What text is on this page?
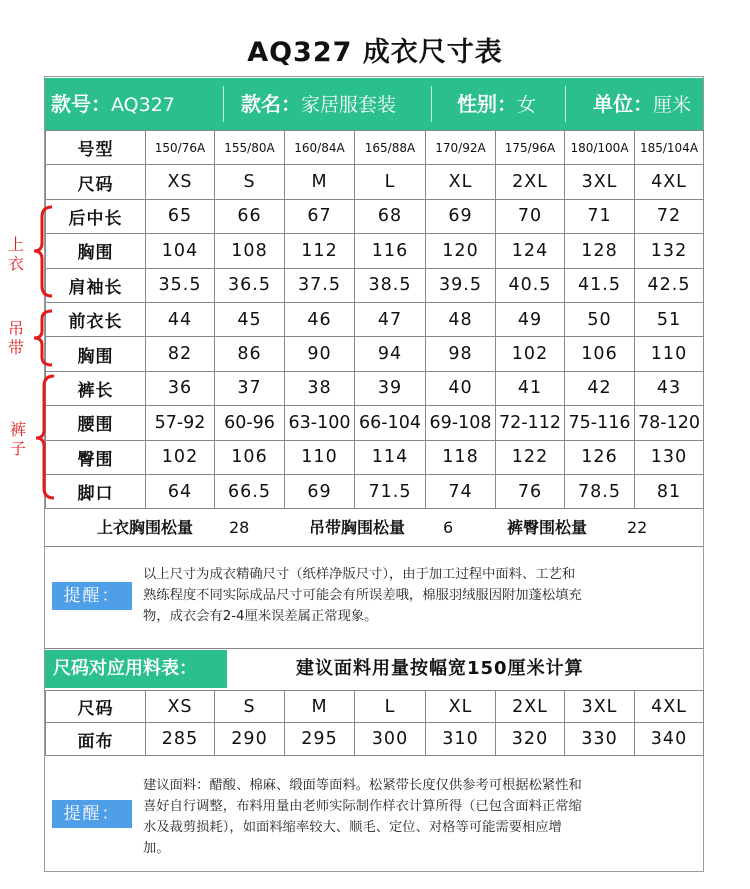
AQ327 成衣尺寸表
款号：AQ327	款名：家居服套装	性别：女	单位：厘米
号型	150/76A	155/80A	160/84A	165/88A	170/92A	175/96A	180/100A	185/104A
尺码	XS	S	M	L	XL	2XL	3XL	4XL
后中长	65	66	67	68	69	70	71	72
胸围	104	108	112	116	120	124	128	132
肩袖长	35.5	36.5	37.5	38.5	39.5	40.5	41.5	42.5
前衣长	44	45	46	47	48	49	50	51
胸围	82	86	90	94	98	102	106	110
裤长	36	37	38	39	40	41	42	43
腰围	57-92	60-96	63-100	66-104	69-108	72-112	75-116	78-120
臀围	102	106	110	114	118	122	126	130
脚口	64	66.5	69	71.5	74	76	78.5	81
上衣
吊带
裤子
上衣胸围松量 28	吊带胸围松量 6	裤臀围松量 22
提醒：
以上尺寸为成衣精确尺寸（纸样净版尺寸），由于加工过程中面料、工艺和
熟练程度不同实际成品尺寸可能会有所误差哦，棉服羽绒服因附加蓬松填充
物，成衣会有2-4厘米误差属正常现象。
尺码对应用料表：	建议面料用量按幅宽150厘米计算
尺码	XS	S	M	L	XL	2XL	3XL	4XL
面布	285	290	295	300	310	320	330	340
提醒：
建议面料：醋酸、棉麻、缎面等面料。松紧带长度仅供参考可根据松紧性和
喜好自行调整，布料用量由老师实际制作样衣计算所得（已包含面料正常缩
水及裁剪损耗），如面料缩率较大、顺毛、定位、对格等可能需要相应增
加。
